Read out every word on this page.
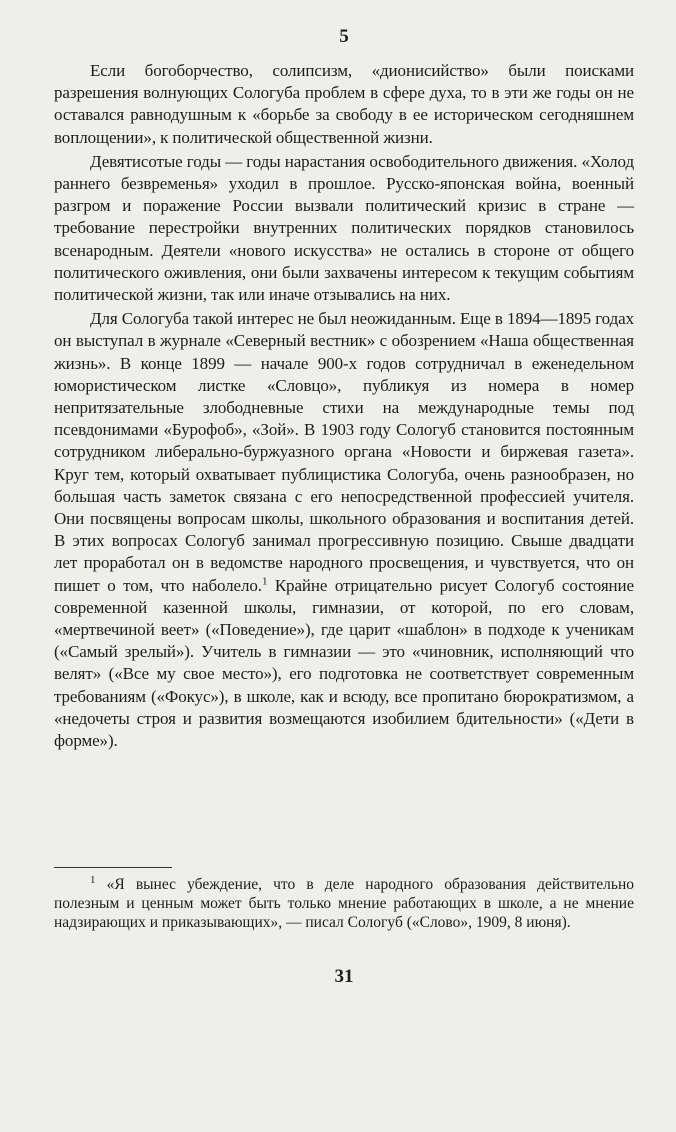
5

Если богоборчество, солипсизм, «дионисийство» были поисками разрешения волнующих Сологуба проблем в сфере духа, то в эти же годы он не оставался равнодушным к «борьбе за свободу в ее историческом сегодняшнем воплощении», к политической общественной жизни.

Девятисотые годы — годы нарастания освободительного движения. «Холод раннего безвременья» уходил в прошлое. Русско-японская война, военный разгром и поражение России вызвали политический кризис в стране — требование перестройки внутренних политических порядков становилось всенародным. Деятели «нового искусства» не остались в стороне от общего политического оживления, они были захвачены интересом к текущим событиям политической жизни, так или иначе отзывались на них.

Для Сологуба такой интерес не был неожиданным. Еще в 1894—1895 годах он выступал в журнале «Северный вестник» с обозрением «Наша общественная жизнь». В конце 1899 — начале 900-х годов сотрудничал в еженедельном юмористическом листке «Словцо», публикуя из номера в номер непритязательные злободневные стихи на международные темы под псевдонимами «Бурофоб», «Зой». В 1903 году Сологуб становится постоянным сотрудником либерально-буржуазного органа «Новости и биржевая газета». Круг тем, который охватывает публицистика Сологуба, очень разнообразен, но большая часть заметок связана с его непосредственной профессией учителя. Они посвящены вопросам школы, школьного образования и воспитания детей. В этих вопросах Сологуб занимал прогрессивную позицию. Свыше двадцати лет проработал он в ведомстве народного просвещения, и чувствуется, что он пишет о том, что наболело.$^1$ Крайне отрицательно рисует Сологуб состояние современной казенной школы, гимназии, от которой, по его словам, «мертвечиной веет» («Поведение»), где царит «шаблон» в подходе к ученикам («Самый зрелый»). Учитель в гимназии — это «чиновник, исполняющий что велят» («Все му свое место»), его подготовка не соответствует современным требованиям («Фокус»), в школе, как и всюду, все пропитано бюрократизмом, а «недочеты строя и развития возмещаются изобилием бдительности» («Дети в форме»).

$^1$ «Я вынес убеждение, что в деле народного образования действительно полезным и ценным может быть только мнение работающих в школе, а не мнение надзирающих и приказывающих», — писал Сологуб («Слово», 1909, 8 июня).

31
